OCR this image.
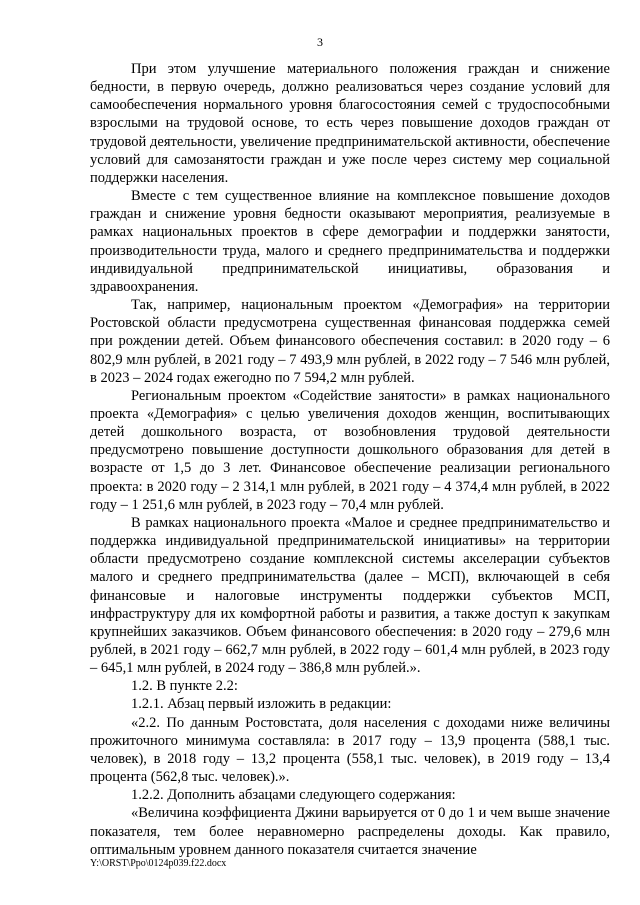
3

При этом улучшение материального положения граждан и снижение бедности, в первую очередь, должно реализоваться через создание условий для самообеспечения нормального уровня благосостояния семей с трудоспособными взрослыми на трудовой основе, то есть через повышение доходов граждан от трудовой деятельности, увеличение предпринимательской активности, обеспечение условий для самозанятости граждан и уже после через систему мер социальной поддержки населения.

Вместе с тем существенное влияние на комплексное повышение доходов граждан и снижение уровня бедности оказывают мероприятия, реализуемые в рамках национальных проектов в сфере демографии и поддержки занятости, производительности труда, малого и среднего предпринимательства и поддержки индивидуальной предпринимательской инициативы, образования и здравоохранения.

Так, например, национальным проектом «Демография» на территории Ростовской области предусмотрена существенная финансовая поддержка семей при рождении детей. Объем финансового обеспечения составил: в 2020 году – 6 802,9 млн рублей, в 2021 году – 7 493,9 млн рублей, в 2022 году – 7 546 млн рублей, в 2023 – 2024 годах ежегодно по 7 594,2 млн рублей.

Региональным проектом «Содействие занятости» в рамках национального проекта «Демография» с целью увеличения доходов женщин, воспитывающих детей дошкольного возраста, от возобновления трудовой деятельности предусмотрено повышение доступности дошкольного образования для детей в возрасте от 1,5 до 3 лет. Финансовое обеспечение реализации регионального проекта: в 2020 году – 2 314,1 млн рублей, в 2021 году – 4 374,4 млн рублей, в 2022 году – 1 251,6 млн рублей, в 2023 году – 70,4 млн рублей.

В рамках национального проекта «Малое и среднее предпринимательство и поддержка индивидуальной предпринимательской инициативы» на территории области предусмотрено создание комплексной системы акселерации субъектов малого и среднего предпринимательства (далее – МСП), включающей в себя финансовые и налоговые инструменты поддержки субъектов МСП, инфраструктуру для их комфортной работы и развития, а также доступ к закупкам крупнейших заказчиков. Объем финансового обеспечения: в 2020 году – 279,6 млн рублей, в 2021 году – 662,7 млн рублей, в 2022 году – 601,4 млн рублей, в 2023 году – 645,1 млн рублей, в 2024 году – 386,8 млн рублей.».

1.2. В пункте 2.2:

1.2.1. Абзац первый изложить в редакции:

«2.2. По данным Ростовстата, доля населения с доходами ниже величины прожиточного минимума составляла: в 2017 году – 13,9 процента (588,1 тыс. человек), в 2018 году – 13,2 процента (558,1 тыс. человек), в 2019 году – 13,4 процента (562,8 тыс. человек).».

1.2.2. Дополнить абзацами следующего содержания:

«Величина коэффициента Джини варьируется от 0 до 1 и чем выше значение показателя, тем более неравномерно распределены доходы. Как правило, оптимальным уровнем данного показателя считается значение

Y:\ORST\Ppo\0124p039.f22.docx
